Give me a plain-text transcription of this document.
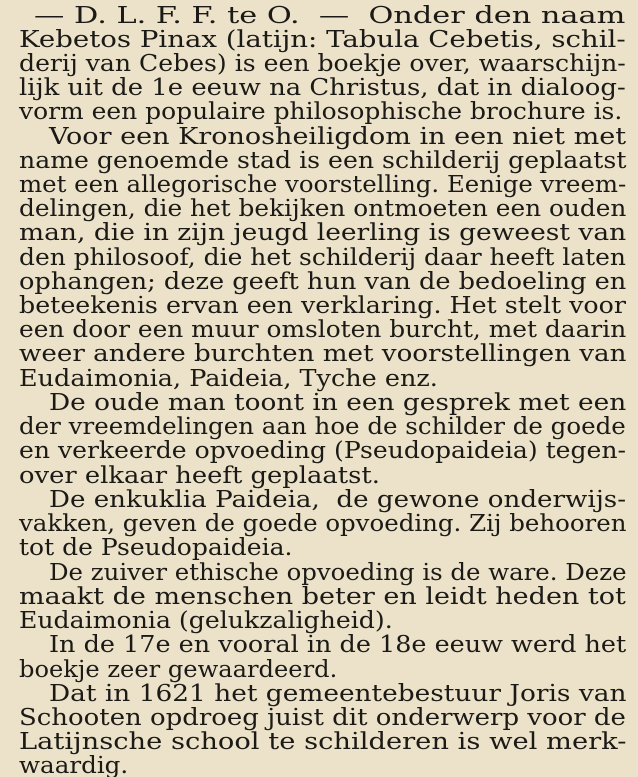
— D. L. F. F. te O.  —  Onder den naam
Kebetos Pinax (latijn: Tabula Cebetis, schil-
derij van Cebes) is een boekje over, waarschijn-
lijk uit de 1e eeuw na Christus, dat in dialoog-
vorm een populaire philosophische brochure is.
Voor een Kronosheiligdom in een niet met
name genoemde stad is een schilderij geplaatst
met een allegorische voorstelling. Eenige vreem-
delingen, die het bekijken ontmoeten een ouden
man, die in zijn jeugd leerling is geweest van
den philosoof, die het schilderij daar heeft laten
ophangen; deze geeft hun van de bedoeling en
beteekenis ervan een verklaring. Het stelt voor
een door een muur omsloten burcht, met daarin
weer andere burchten met voorstellingen van
Eudaimonia, Paideia, Tyche enz.
De oude man toont in een gesprek met een
der vreemdelingen aan hoe de schilder de goede
en verkeerde opvoeding (Pseudopaideia) tegen-
over elkaar heeft geplaatst.
De enkuklia Paideia,  de gewone onderwijs-
vakken, geven de goede opvoeding. Zij behooren
tot de Pseudopaideia.
De zuiver ethische opvoeding is de ware. Deze
maakt de menschen beter en leidt heden tot
Eudaimonia (gelukzaligheid).
In de 17e en vooral in de 18e eeuw werd het
boekje zeer gewaardeerd.
Dat in 1621 het gemeentebestuur Joris van
Schooten opdroeg juist dit onderwerp voor de
Latijnsche school te schilderen is wel merk-
waardig.
